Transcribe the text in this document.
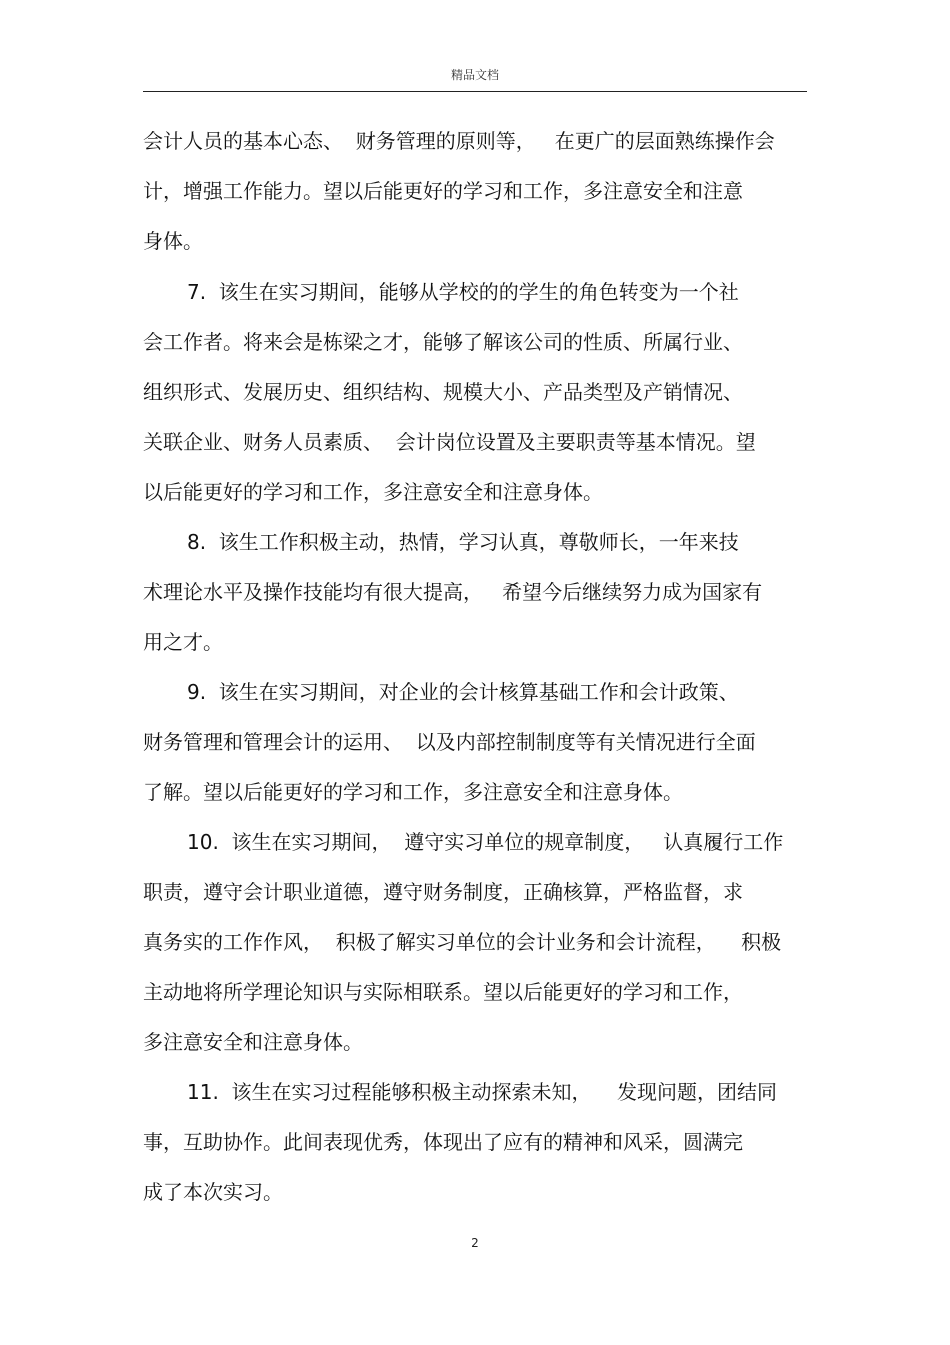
精品文档
会计人员的基本心态、  财务管理的原则等，   在更广的层面熟练操作会
计，增强工作能力。望以后能更好的学习和工作，多注意安全和注意
身体。
7.  该生在实习期间，能够从学校的的学生的角色转变为一个社
会工作者。将来会是栋梁之才，能够了解该公司的性质、所属行业、
组织形式、发展历史、组织结构、规模大小、产品类型及产销情况、
关联企业、财务人员素质、  会计岗位设置及主要职责等基本情况。望
以后能更好的学习和工作，多注意安全和注意身体。
8.  该生工作积极主动，热情，学习认真，尊敬师长，一年来技
术理论水平及操作技能均有很大提高，   希望今后继续努力成为国家有
用之才。
9.  该生在实习期间，对企业的会计核算基础工作和会计政策、
财务管理和管理会计的运用、  以及内部控制制度等有关情况进行全面
了解。望以后能更好的学习和工作，多注意安全和注意身体。
10.  该生在实习期间，  遵守实习单位的规章制度，   认真履行工作
职责，遵守会计职业道德，遵守财务制度，正确核算，严格监督，求
真务实的工作作风，  积极了解实习单位的会计业务和会计流程，    积极
主动地将所学理论知识与实际相联系。望以后能更好的学习和工作，
多注意安全和注意身体。
11.  该生在实习过程能够积极主动探索未知，    发现问题，团结同
事，互助协作。此间表现优秀，体现出了应有的精神和风采，圆满完
成了本次实习。
2
